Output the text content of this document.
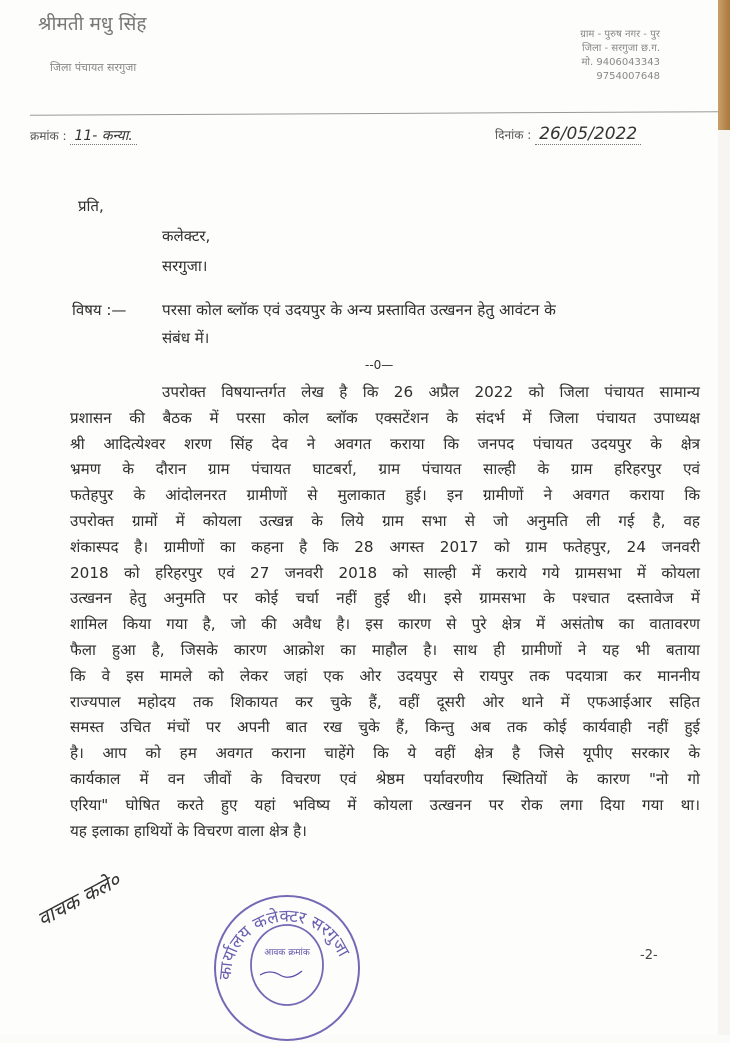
श्रीमती मधु सिंह
जिला पंचायत सरगुजा
ग्राम - पुरुष नगर - पुर
जिला - सरगुजा छ.ग.
मो. 9406043343
9754007648
क्रमांक : 11- कन्या.	दिनांक : 26/05/2022
प्रति,
कलेक्टर,
सरगुजा।
विषय :— परसा कोल ब्लॉक एवं उदयपुर के अन्य प्रस्तावित उत्खनन हेतु आवंटन के
संबंध में।
--0—
उपरोक्त विषयान्तर्गत लेख है कि 26 अप्रैल 2022 को जिला पंचायत सामान्य
प्रशासन की बैठक में परसा कोल ब्लॉक एक्सटेंशन के संदर्भ में जिला पंचायत उपाध्यक्ष
श्री आदित्येश्वर शरण सिंह देव ने अवगत कराया कि जनपद पंचायत उदयपुर के क्षेत्र
भ्रमण के दौरान ग्राम पंचायत घाटबर्रा, ग्राम पंचायत साल्ही के ग्राम हरिहरपुर एवं
फतेहपुर के आंदोलनरत ग्रामीणों से मुलाकात हुई। इन ग्रामीणों ने अवगत कराया कि
उपरोक्त ग्रामों में कोयला उत्खन्न के लिये ग्राम सभा से जो अनुमति ली गई है, वह
शंकास्पद है। ग्रामीणों का कहना है कि 28 अगस्त 2017 को ग्राम फतेहपुर, 24 जनवरी
2018 को हरिहरपुर एवं 27 जनवरी 2018 को साल्ही में कराये गये ग्रामसभा में कोयला
उत्खनन हेतु अनुमति पर कोई चर्चा नहीं हुई थी। इसे ग्रामसभा के पश्चात दस्तावेज में
शामिल किया गया है, जो की अवैध है। इस कारण से पुरे क्षेत्र में असंतोष का वातावरण
फैला हुआ है, जिसके कारण आक्रोश का माहौल है। साथ ही ग्रामीणों ने यह भी बताया
कि वे इस मामले को लेकर जहां एक ओर उदयपुर से रायपुर तक पदयात्रा कर माननीय
राज्यपाल महोदय तक शिकायत कर चुके हैं, वहीं दूसरी ओर थाने में एफआईआर सहित
समस्त उचित मंचों पर अपनी बात रख चुके हैं, किन्तु अब तक कोई कार्यवाही नहीं हुई
है। आप को हम अवगत कराना चाहेंगे कि ये वहीं क्षेत्र है जिसे यूपीए सरकार के
कार्यकाल में वन जीवों के विचरण एवं श्रेष्ठम पर्यावरणीय स्थितियों के कारण "नो गो
एरिया" घोषित करते हुए यहां भविष्य में कोयला उत्खनन पर रोक लगा दिया गया था।
यह इलाका हाथियों के विचरण वाला क्षेत्र है।
वाचक कले०
कार्यालय कलेक्टर सरगुजा
आवक क्रमांक	-2-
